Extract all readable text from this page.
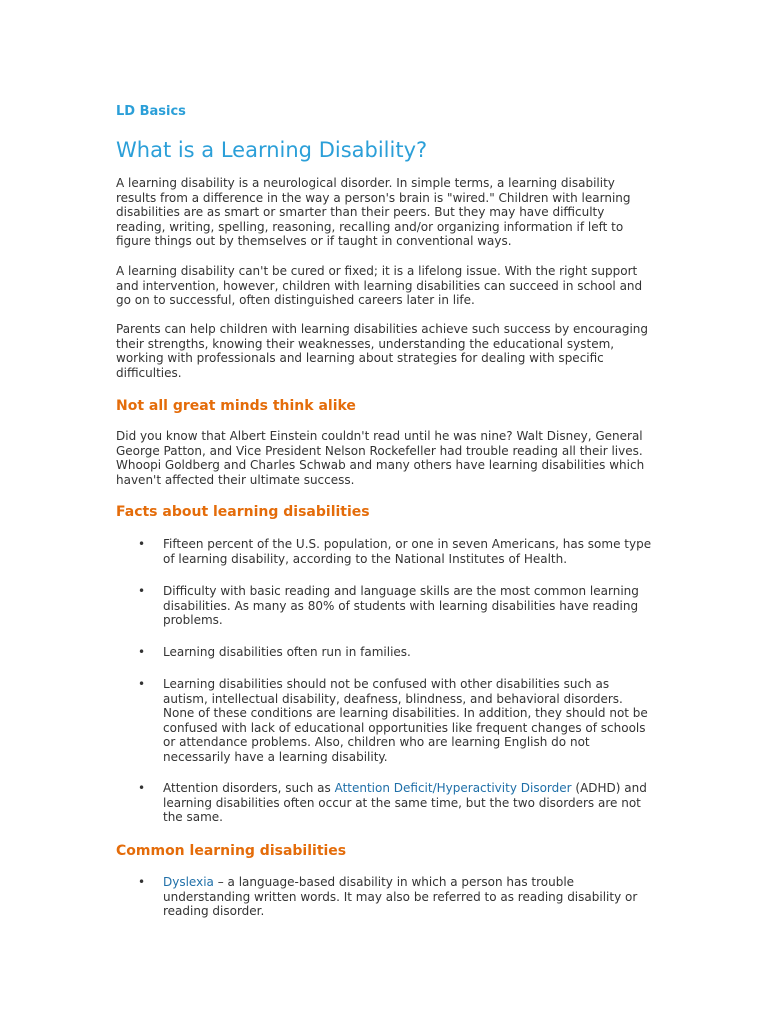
LD Basics

What is a Learning Disability?

A learning disability is a neurological disorder. In simple terms, a learning disability results from a difference in the way a person's brain is "wired." Children with learning disabilities are as smart or smarter than their peers. But they may have difficulty reading, writing, spelling, reasoning, recalling and/or organizing information if left to figure things out by themselves or if taught in conventional ways.

A learning disability can't be cured or fixed; it is a lifelong issue. With the right support and intervention, however, children with learning disabilities can succeed in school and go on to successful, often distinguished careers later in life.

Parents can help children with learning disabilities achieve such success by encouraging their strengths, knowing their weaknesses, understanding the educational system, working with professionals and learning about strategies for dealing with specific difficulties.

Not all great minds think alike

Did you know that Albert Einstein couldn't read until he was nine? Walt Disney, General George Patton, and Vice President Nelson Rockefeller had trouble reading all their lives. Whoopi Goldberg and Charles Schwab and many others have learning disabilities which haven't affected their ultimate success.

Facts about learning disabilities
• Fifteen percent of the U.S. population, or one in seven Americans, has some type of learning disability, according to the National Institutes of Health.
• Difficulty with basic reading and language skills are the most common learning disabilities. As many as 80% of students with learning disabilities have reading problems.
• Learning disabilities often run in families.
• Learning disabilities should not be confused with other disabilities such as autism, intellectual disability, deafness, blindness, and behavioral disorders. None of these conditions are learning disabilities. In addition, they should not be confused with lack of educational opportunities like frequent changes of schools or attendance problems. Also, children who are learning English do not necessarily have a learning disability.
• Attention disorders, such as Attention Deficit/Hyperactivity Disorder (ADHD) and learning disabilities often occur at the same time, but the two disorders are not the same.
Common learning disabilities
• Dyslexia – a language-based disability in which a person has trouble understanding written words. It may also be referred to as reading disability or reading disorder.
